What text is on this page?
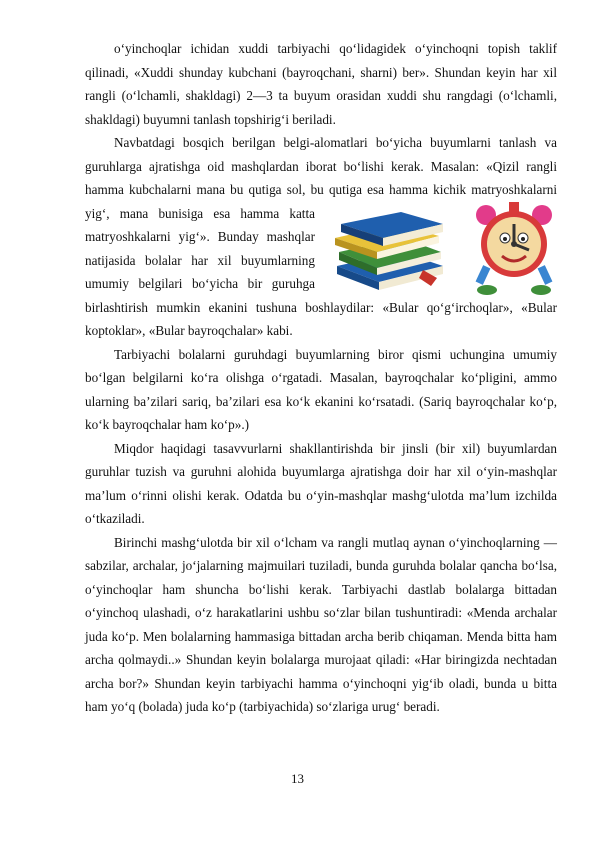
o‘yinchoqlar ichidan xuddi tarbiyachi qo‘lidagidek o‘yinchoqni topish taklif qilinadi, «Xuddi shunday kubchani (bayroqchani, sharni) ber». Shundan keyin har xil rangli (o‘lchamli, shakldagi) 2—3 ta buyum orasidan xuddi shu rangdagi (o‘lchamli, shakldagi) buyumni tanlash topshirig‘i beriladi.

Navbatdagi bosqich berilgan belgi-alomatlari bo‘yicha buyumlarni tanlash va guruhlarga ajratishga oid mashqlardan iborat bo‘lishi kerak. Masalan: «Qizil rangli hamma kubchalarni mana bu qutiga sol, bu qutiga esa hamma kichik
matryoshkalarni yig‘, mana bunisiga esa hamma katta matryoshkalarni yig‘». Bunday mashqlar natijasida bolalar har xil buyumlarning umumiy belgilari bo‘yicha bir guruhga birlashtirish mumkin ekanini tushuna boshlaydilar: «Bular qo‘g‘irchoqlar», «Bular koptoklar», «Bular bayroqchalar» kabi.

Tarbiyachi bolalarni guruhdagi buyumlarning biror qismi uchungina umumiy bo‘lgan belgilarni ko‘ra olishga o‘rgatadi. Masalan, bayroqchalar ko‘pligini, ammo ularning ba’zilari sariq, ba’zilari esa ko‘k ekanini ko‘rsatadi. (Sariq bayroqchalar ko‘p, ko‘k bayroqchalar ham ko‘p».)

Miqdor haqidagi tasavvurlarni shakllantirishda bir jinsli (bir xil) buyumlardan guruhlar tuzish va guruhni alohida buyumlarga ajratishga doir har xil o‘yin-mashqlar ma’lum o‘rinni olishi kerak. Odatda bu o‘yin-mashqlar mashg‘ulotda ma’lum izchilda o‘tkaziladi.

Birinchi mashg‘ulotda bir xil o‘lcham va rangli mutlaq aynan o‘yinchoqlarning — sabzilar, archalar, jo‘jalarning majmuilari tuziladi, bunda guruhda bolalar qancha bo‘lsa, o‘yinchoqlar ham shuncha bo‘lishi kerak. Tarbiyachi dastlab bolalarga bittadan o‘yinchoq ulashadi, o‘z harakatlarini ushbu so‘zlar bilan tushuntiradi: «Menda archalar juda ko‘p. Men bolalarning hammasiga bittadan archa berib chiqaman. Menda bitta ham archa qolmaydi..» Shundan keyin bolalarga murojaat qiladi: «Har biringizda nechtadan archa bor?» Shundan keyin tarbiyachi hamma o‘yinchoqni yig‘ib oladi, bunda u bitta ham yo‘q (bolada) juda ko‘p (tarbiyachida) so‘zlariga urug‘ beradi.

13
